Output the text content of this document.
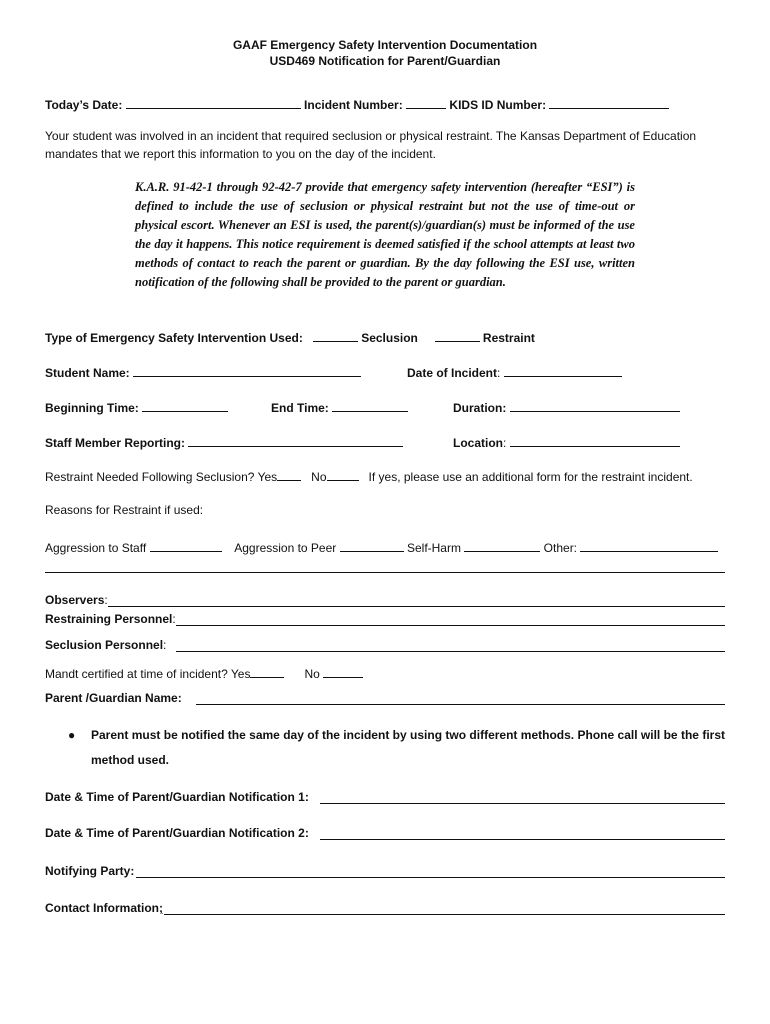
GAAF Emergency Safety Intervention Documentation
USD469 Notification for Parent/Guardian
Today’s Date:	Incident Number:	KIDS ID Number:
Your student was involved in an incident that required seclusion or physical restraint. The Kansas Department of Education mandates that we report this information to you on the day of the incident.
K.A.R. 91-42-1 through 92-42-7 provide that emergency safety intervention (hereafter “ESI”) is defined to include the use of seclusion or physical restraint but not the use of time-out or physical escort. Whenever an ESI is used, the parent(s)/guardian(s) must be informed of the use the day it happens. This notice requirement is deemed satisfied if the school attempts at least two methods of contact to reach the parent or guardian. By the day following the ESI use, written notification of the following shall be provided to the parent or guardian.
Type of Emergency Safety Intervention Used:	Seclusion	Restraint
Student Name:	Date of Incident:
Beginning Time:	End Time:	Duration:
Staff Member Reporting:	Location:
Restraint Needed Following Seclusion? Yes	No	If yes, please use an additional form for the restraint incident.
Reasons for Restraint if used:
Aggression to Staff	Aggression to Peer	Self-Harm	Other:
Observers:
Restraining Personnel:
Seclusion Personnel:
Mandt certified at time of incident? Yes	No
Parent /Guardian Name:
● Parent must be notified the same day of the incident by using two different methods. Phone call will be the first method used.
Date & Time of Parent/Guardian Notification 1:
Date & Time of Parent/Guardian Notification 2:
Notifying Party:
Contact Information;
